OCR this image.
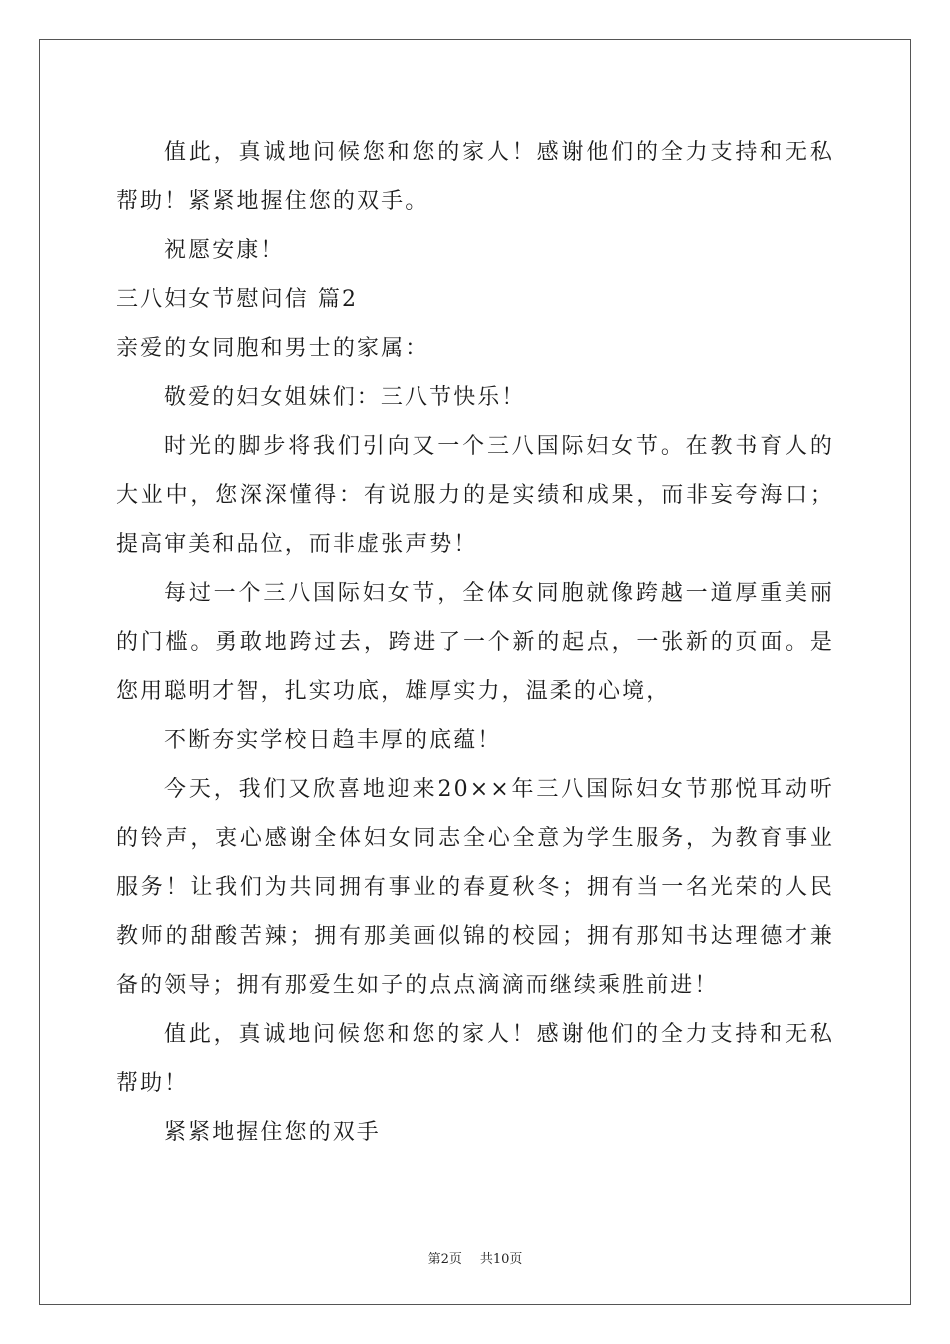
值此，真诚地问候您和您的家人！感谢他们的全力支持和无私帮助！紧紧地握住您的双手。

祝愿安康！

三八妇女节慰问信 篇2

亲爱的女同胞和男士的家属：

敬爱的妇女姐妹们：三八节快乐！

时光的脚步将我们引向又一个三八国际妇女节。在教书育人的大业中，您深深懂得：有说服力的是实绩和成果，而非妄夸海口；提高审美和品位，而非虚张声势！

每过一个三八国际妇女节，全体女同胞就像跨越一道厚重美丽的门槛。勇敢地跨过去，跨进了一个新的起点，一张新的页面。是您用聪明才智，扎实功底，雄厚实力，温柔的心境，

不断夯实学校日趋丰厚的底蕴！

今天，我们又欣喜地迎来20××年三八国际妇女节那悦耳动听的铃声，衷心感谢全体妇女同志全心全意为学生服务，为教育事业服务！让我们为共同拥有事业的春夏秋冬；拥有当一名光荣的人民教师的甜酸苦辣；拥有那美画似锦的校园；拥有那知书达理德才兼备的领导；拥有那爱生如子的点点滴滴而继续乘胜前进！

值此，真诚地问候您和您的家人！感谢他们的全力支持和无私帮助！

紧紧地握住您的双手

第2页 共10页
